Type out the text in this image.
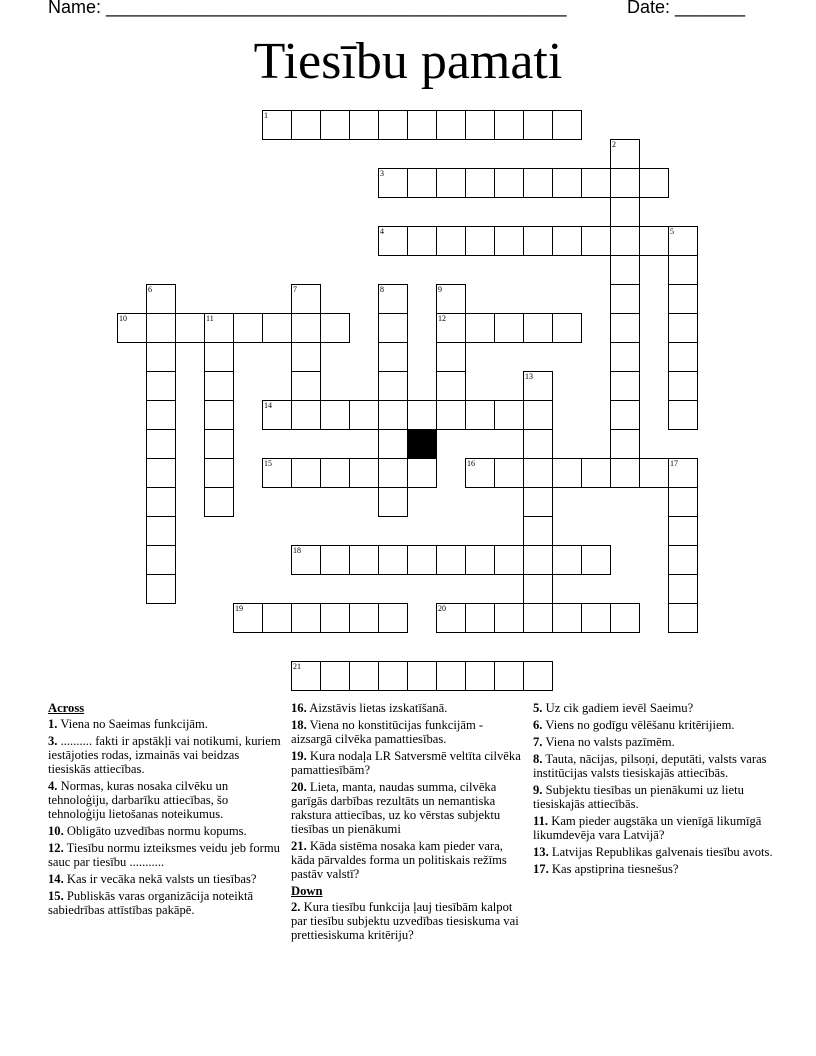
Name: ______________________________________________	Date: _______
Tiesību pamati
1
2
3
4	5
6	7	8	9
12
10	11
13
14
15	16	17
18
19	20
21
Across
1. Viena no Saeimas funkcijām.
3. .......... fakti ir apstākļi vai notikumi, kuriem iestājoties rodas, izmainās vai beidzas tiesiskās attiecības.
4. Normas, kuras nosaka cilvēku un tehnoloģiju, darbarīku attiecības, šo tehnoloģiju lietošanas noteikumus.
10. Obligāto uzvedības normu kopums.
12. Tiesību normu izteiksmes veidu jeb formu sauc par tiesību ...........
14. Kas ir vecāka nekā valsts un tiesības?
15. Publiskās varas organizācija noteiktā sabiedrības attīstības pakāpē.
16. Aizstāvis lietas izskatīšanā.
18. Viena no konstitūcijas funkcijām - aizsargā cilvēka pamattiesības.
19. Kura nodaļa LR Satversmē veltīta cilvēka pamattiesībām?
20. Lieta, manta, naudas summa, cilvēka garīgās darbības rezultāts un nemantiska rakstura attiecības, uz ko vērstas subjektu tiesības un pienākumi
21. Kāda sistēma nosaka kam pieder vara, kāda pārvaldes forma un politiskais režīms pastāv valstī?
Down
2. Kura tiesību funkcija ļauj tiesībām kalpot par tiesību subjektu uzvedības tiesiskuma vai prettiesiskuma kritēriju?
5. Uz cik gadiem ievēl Saeimu?
6. Viens no godīgu vēlēšanu kritērijiem.
7. Viena no valsts pazīmēm.
8. Tauta, nācijas, pilsoņi, deputāti, valsts varas institūcijas valsts tiesiskajās attiecībās.
9. Subjektu tiesības un pienākumi uz lietu tiesiskajās attiecībās.
11. Kam pieder augstāka un vienīgā likumīgā likumdevēja vara Latvijā?
13. Latvijas Republikas galvenais tiesību avots.
17. Kas apstiprina tiesnešus?
